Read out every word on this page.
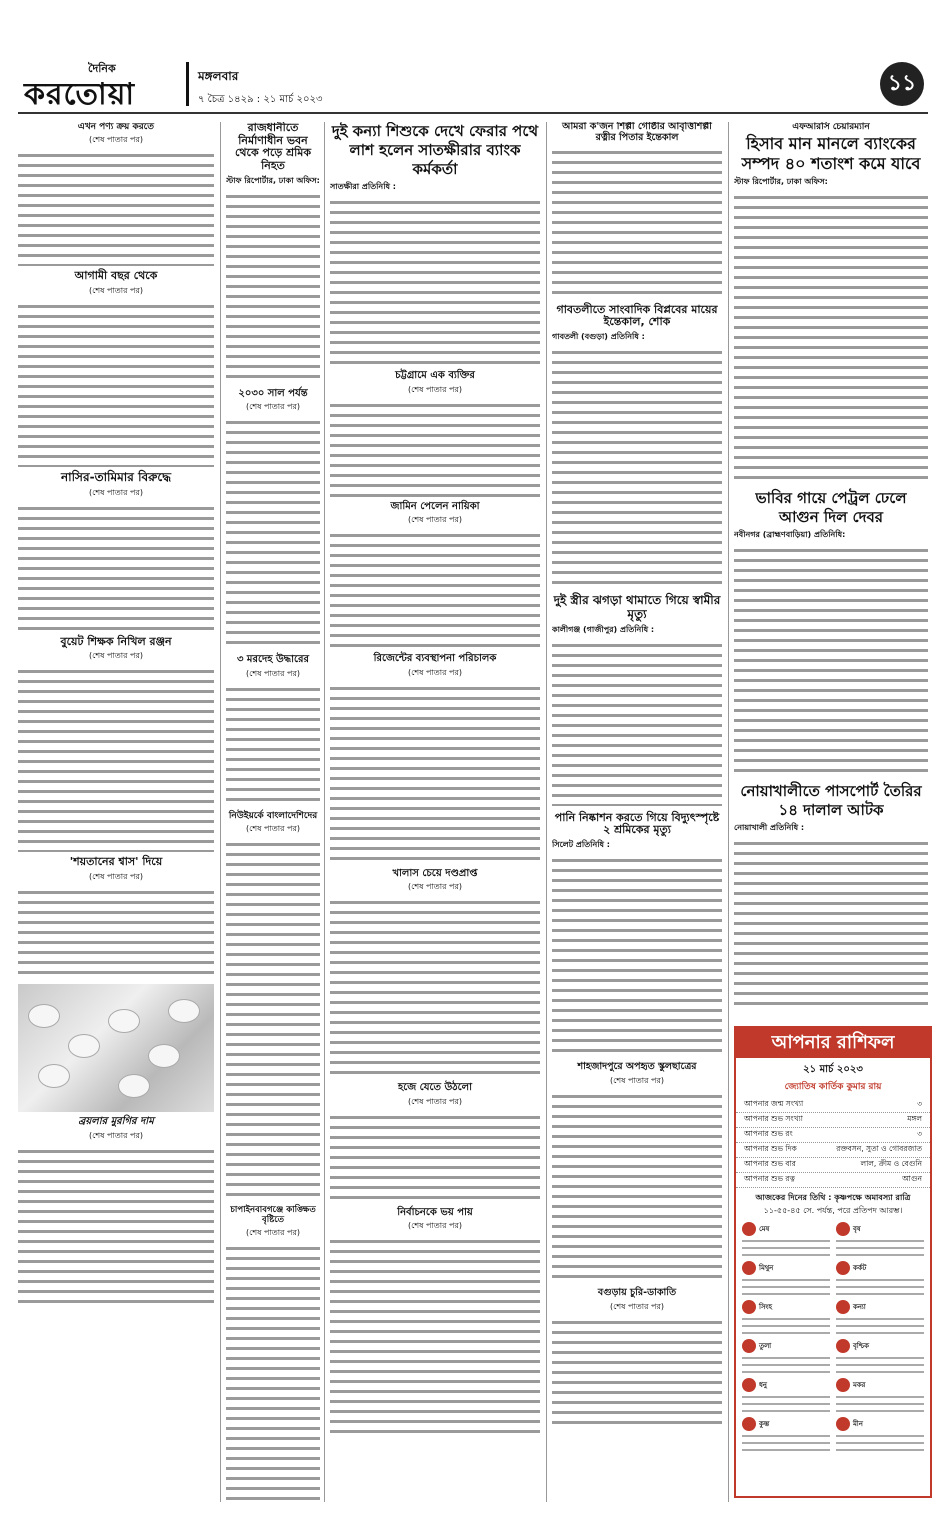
দৈনিক
করতোয়া
মঙ্গলবার
৭ চৈত্র ১৪২৯ : ২১ মার্চ ২০২৩
১১
এখন পণ্য ক্রয় করতে
(শেষ পাতার পর)
আগামী বছর থেকে
(শেষ পাতার পর)
নাসির-তামিমার বিরুদ্ধে
(শেষ পাতার পর)
বুয়েট শিক্ষক নিখিল রঞ্জন
(শেষ পাতার পর)
'শয়তানের শ্বাস' দিয়ে
(শেষ পাতার পর)
ব্রয়লার মুরগির দাম
(শেষ পাতার পর)
রাজধানীতে নির্মাণাধীন ভবন থেকে পড়ে শ্রমিক নিহত
স্টাফ রিপোর্টার, ঢাকা অফিস:
২০৩০ সাল পর্যন্ত
(শেষ পাতার পর)
৩ মরদেহ উদ্ধারের
(শেষ পাতার পর)
নিউইয়র্কে বাংলাদেশিদের
(শেষ পাতার পর)
চাপাইনবাবগঞ্জে কাঙ্ক্ষিত বৃষ্টিতে
(শেষ পাতার পর)
দুই কন্যা শিশুকে দেখে ফেরার পথে লাশ হলেন সাতক্ষীরার ব্যাংক কর্মকর্তা
সাতক্ষীরা প্রতিনিধি :
চট্টগ্রামে এক ব্যক্তির
(শেষ পাতার পর)
জামিন পেলেন নায়িকা
(শেষ পাতার পর)
রিজেন্টের ব্যবস্থাপনা পরিচালক
(শেষ পাতার পর)
খালাস চেয়ে দণ্ডপ্রাপ্ত
(শেষ পাতার পর)
হজে যেতে উঠলো
(শেষ পাতার পর)
নির্বাচনকে ভয় পায়
(শেষ পাতার পর)
আমরা ক'জন শিল্পী গোষ্ঠীর আবৃত্তিশিল্পী রত্নীর পিতার ইন্তেকাল
গাবতলীতে সাংবাদিক বিপ্লবের মায়ের ইন্তেকাল, শোক
গাবতলী (বগুড়া) প্রতিনিধি :
দুই স্ত্রীর ঝগড়া থামাতে গিয়ে স্বামীর মৃত্যু
কালীগঞ্জ (গাজীপুর) প্রতিনিধি :
পানি নিষ্কাশন করতে গিয়ে বিদ্যুৎস্পৃষ্টে ২ শ্রমিকের মৃত্যু
সিলেট প্রতিনিধি :
শাহজাদপুরে অপহৃত স্কুলছাত্রের
(শেষ পাতার পর)
বগুড়ায় চুরি-ডাকাতি
(শেষ পাতার পর)
এফআরসি চেয়ারম্যান
হিসাব মান মানলে ব্যাংকের সম্পদ ৪০ শতাংশ কমে যাবে
স্টাফ রিপোর্টার, ঢাকা অফিস:
ভাবির গায়ে পেট্রল ঢেলে আগুন দিল দেবর
নবীনগর (ব্রাহ্মণবাড়িয়া) প্রতিনিধি:
নোয়াখালীতে পাসপোর্ট তৈরির ১৪ দালাল আটক
নোয়াখালী প্রতিনিধি :
আপনার রাশিফল
২১ মার্চ ২০২৩
জ্যোতিষ কার্তিক কুমার রায়
আপনার জন্ম সংখ্যা	৩
আপনার শুভ সংখ্যা	মঙ্গল
আপনার শুভ রং	৩
আপনার শুভ দিক	রক্তবসন, সুতা ও গোবরজাত
আপনার শুভ বার	লাল, ক্রীম ও বেগুনি
আপনার শুভ রত্ন	আগুন
আজকের দিনের তিথি : কৃষ্ণপক্ষে অমাবস্যা রাত্রি
১১-৫৫-৪৫ সে. পর্যন্ত, পরে প্রতিপদ আরম্ভ।
মেষ	বৃষ
মিথুন	কর্কট
সিংহ	কন্যা
তুলা	বৃশ্চিক
ধনু	মকর
কুম্ভ	মীন
